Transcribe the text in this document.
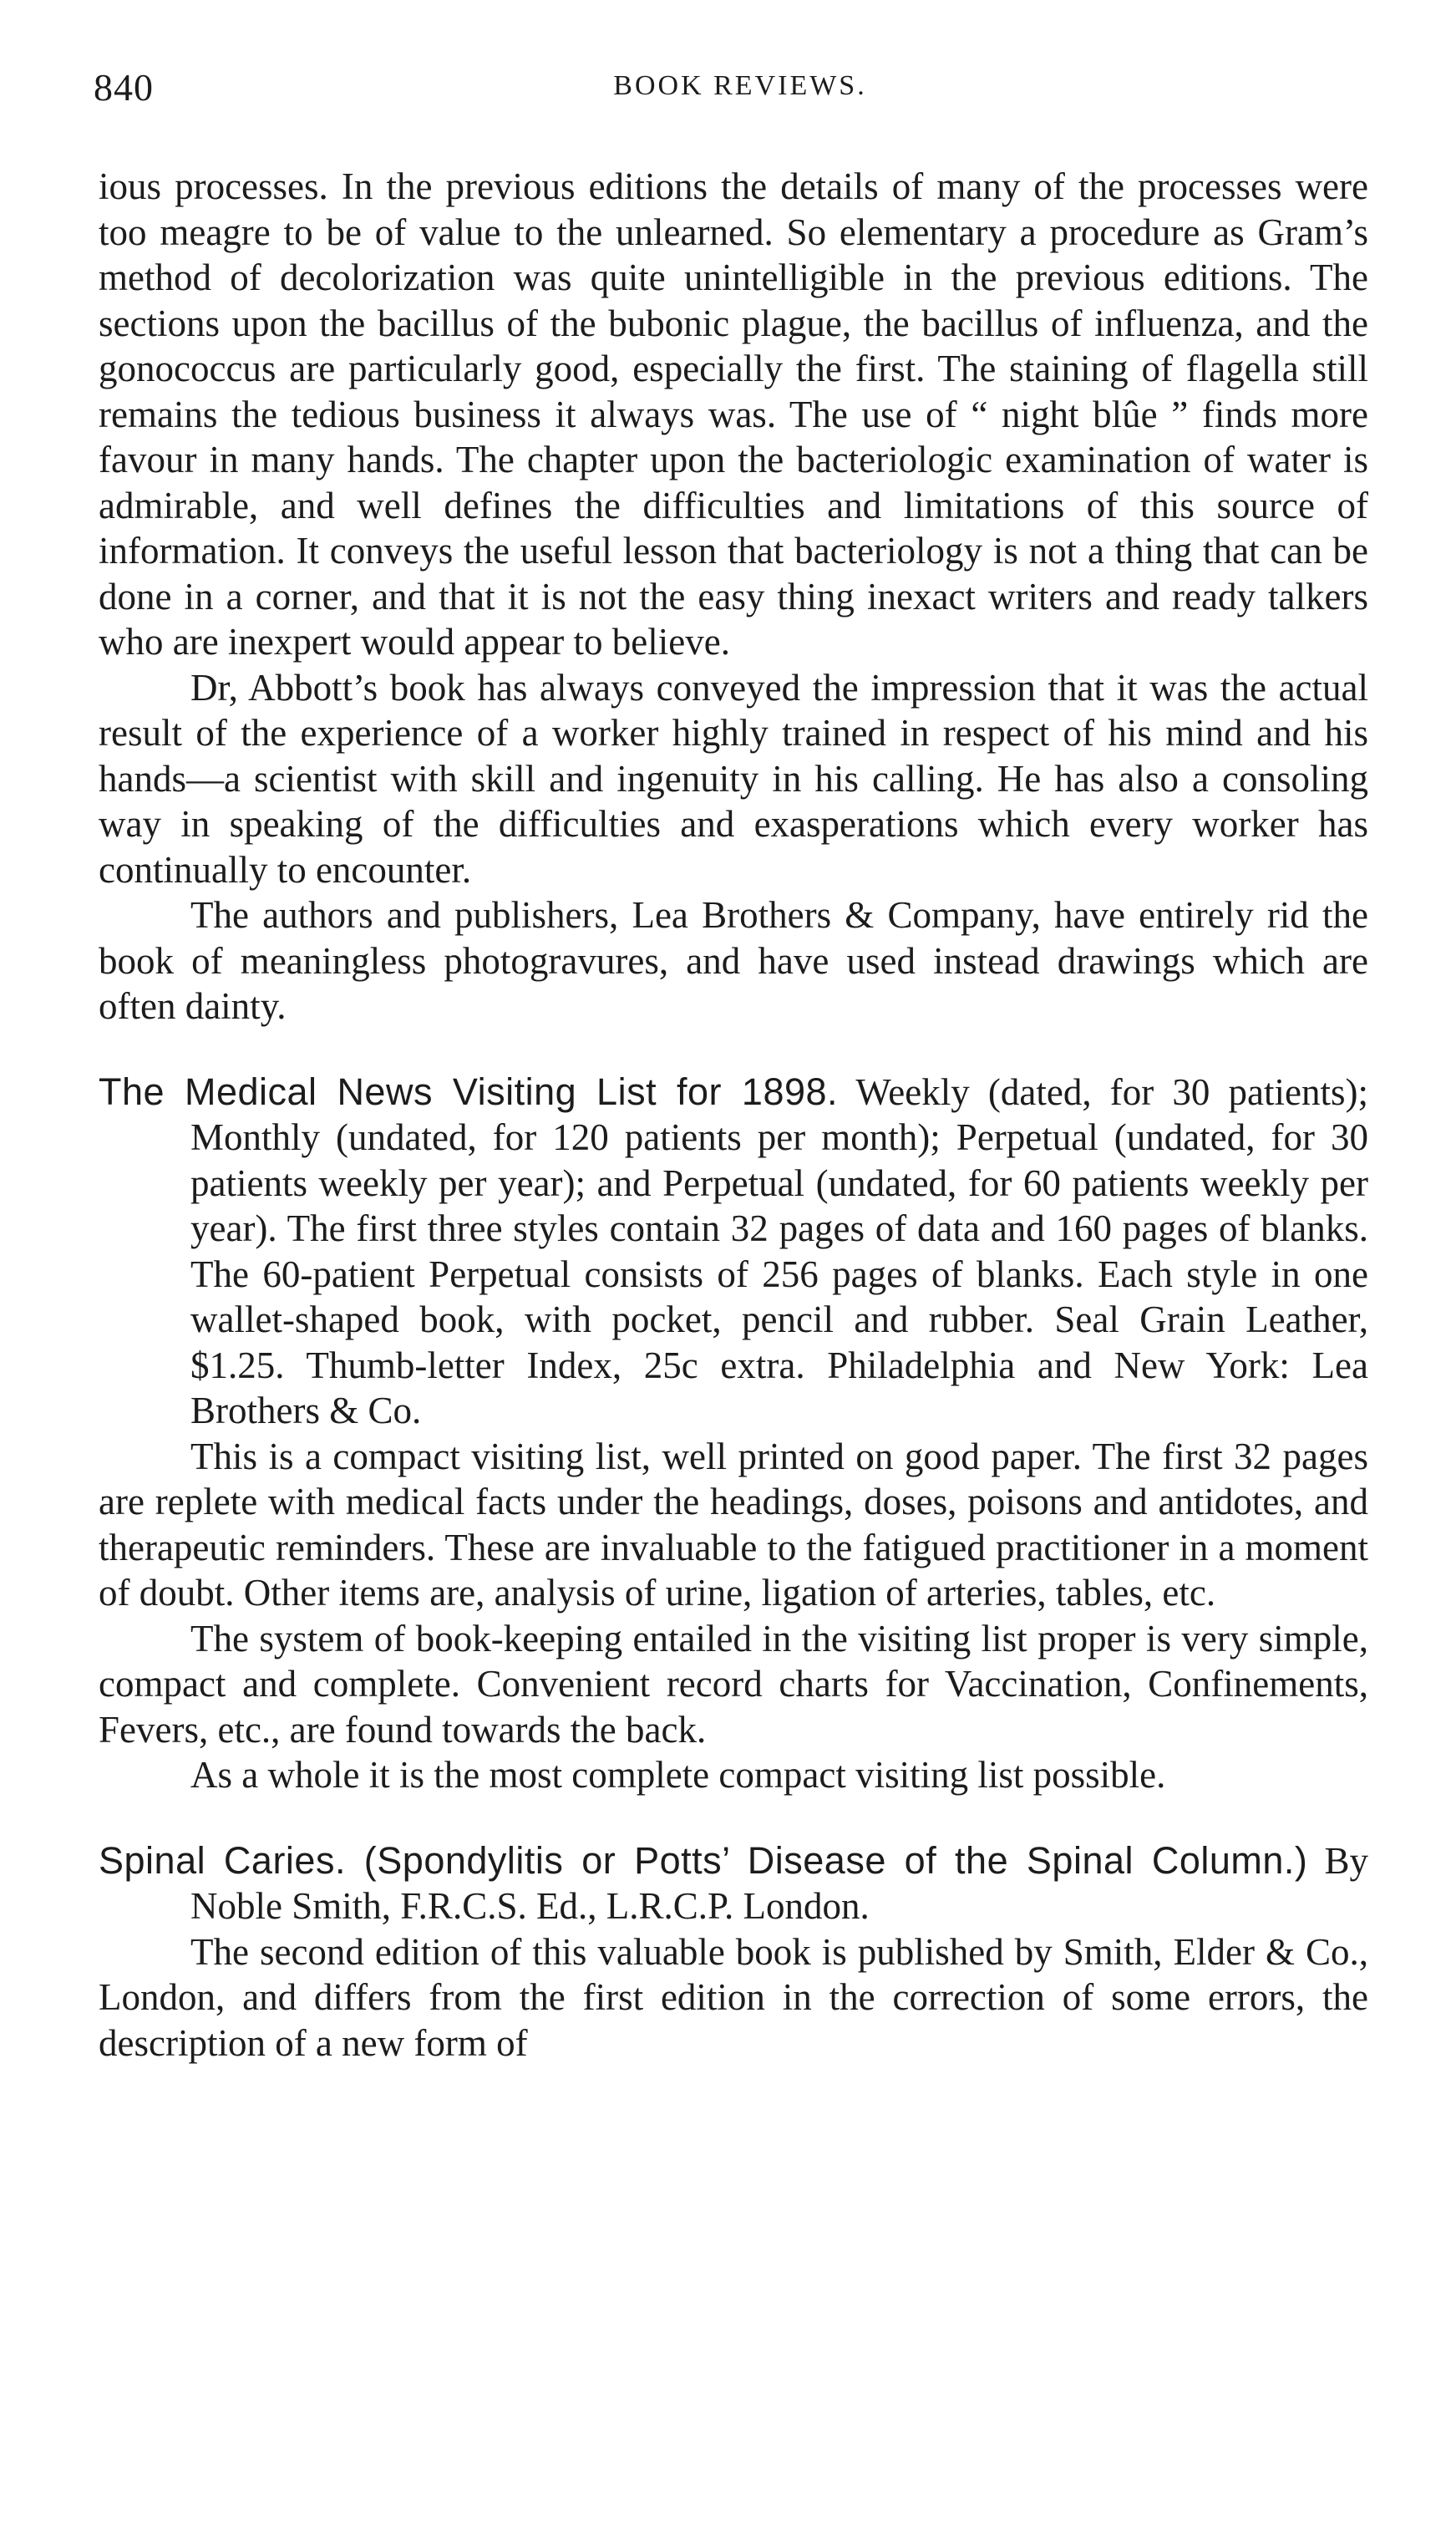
840	BOOK REVIEWS.

ious processes. In the previous editions the details of many of the processes were too meagre to be of value to the unlearned. So elementary a procedure as Gram’s method of decolorization was quite unintelligible in the previous editions. The sections upon the bacillus of the bubonic plague, the bacillus of influenza, and the gonococcus are particularly good, especially the first. The staining of flagella still remains the tedious business it always was. The use of “ night blûe ” finds more favour in many hands. The chapter upon the bacteriologic examination of water is admirable, and well defines the difficulties and limitations of this source of information. It conveys the useful lesson that bacteriology is not a thing that can be done in a corner, and that it is not the easy thing inexact writers and ready talkers who are inexpert would appear to believe.

Dr, Abbott’s book has always conveyed the impression that it was the actual result of the experience of a worker highly trained in respect of his mind and his hands—a scientist with skill and ingenuity in his calling. He has also a consoling way in speaking of the difficulties and exasperations which every worker has continually to encounter.

The authors and publishers, Lea Brothers & Company, have entirely rid the book of meaningless photogravures, and have used instead drawings which are often dainty.

The Medical News Visiting List for 1898. Weekly (dated, for 30 patients); Monthly (undated, for 120 patients per month); Perpetual (undated, for 30 patients weekly per year); and Perpetual (undated, for 60 patients weekly per year). The first three styles contain 32 pages of data and 160 pages of blanks. The 60-patient Perpetual consists of 256 pages of blanks. Each style in one wallet-shaped book, with pocket, pencil and rubber. Seal Grain Leather, $1.25. Thumb-letter Index, 25c extra. Philadelphia and New York: Lea Brothers & Co.

This is a compact visiting list, well printed on good paper. The first 32 pages are replete with medical facts under the headings, doses, poisons and antidotes, and therapeutic reminders. These are invaluable to the fatigued practitioner in a moment of doubt. Other items are, analysis of urine, ligation of arteries, tables, etc.

The system of book-keeping entailed in the visiting list proper is very simple, compact and complete. Convenient record charts for Vaccination, Confinements, Fevers, etc., are found towards the back.

As a whole it is the most complete compact visiting list possible.

Spinal Caries. (Spondylitis or Potts’ Disease of the Spinal Column.) By Noble Smith, F.R.C.S. Ed., L.R.C.P. London.

The second edition of this valuable book is published by Smith, Elder & Co., London, and differs from the first edition in the correction of some errors, the description of a new form of
